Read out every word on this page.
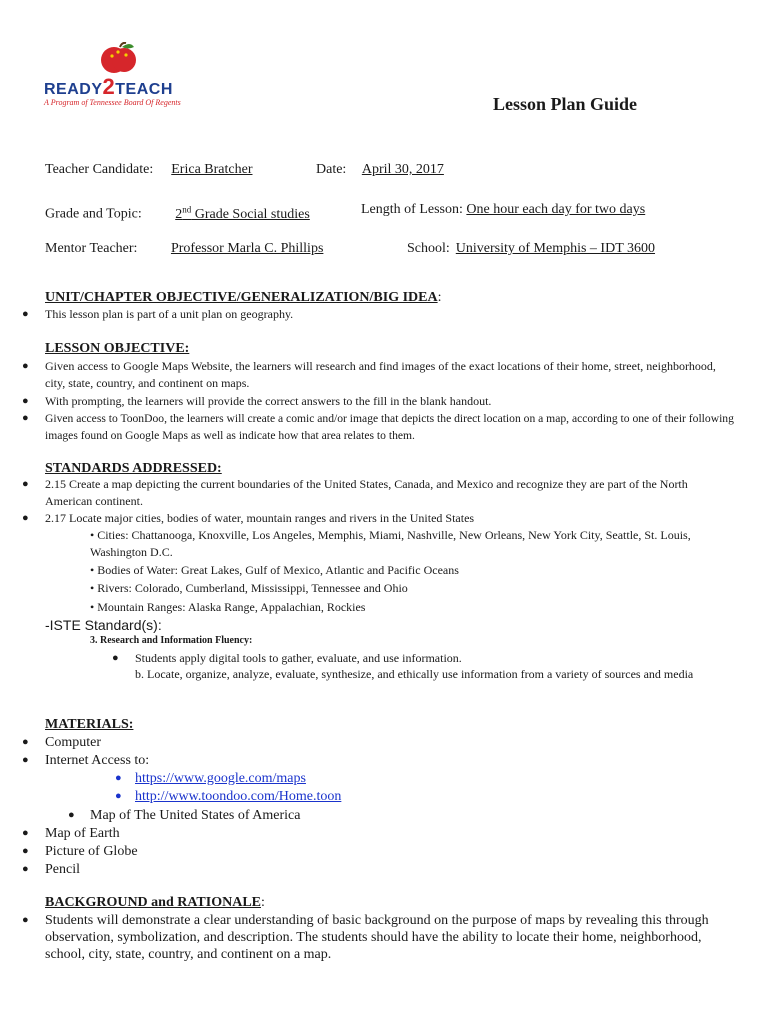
READY2TEACH
A Program of Tennessee Board Of Regents	Lesson Plan Guide
Teacher Candidate: Erica Bratcher	Date: April 30, 2017
Grade and Topic: 2nd Grade Social studies	Length of Lesson: One hour each day for two days
Mentor Teacher: Professor Marla C. Phillips	School: University of Memphis – IDT 3600
UNIT/CHAPTER OBJECTIVE/GENERALIZATION/BIG IDEA:
● This lesson plan is part of a unit plan on geography.
LESSON OBJECTIVE:
● Given access to Google Maps Website, the learners will research and find images of the exact locations of their home, street, neighborhood, city, state, country, and continent on maps.
● With prompting, the learners will provide the correct answers to the fill in the blank handout.
● Given access to ToonDoo, the learners will create a comic and/or image that depicts the direct location on a map, according to one of their following images found on Google Maps as well as indicate how that area relates to them.
STANDARDS ADDRESSED:
● 2.15 Create a map depicting the current boundaries of the United States, Canada, and Mexico and recognize they are part of the North American continent.
● 2.17 Locate major cities, bodies of water, mountain ranges and rivers in the United States
• Cities: Chattanooga, Knoxville, Los Angeles, Memphis, Miami, Nashville, New Orleans, New York City, Seattle, St. Louis, Washington D.C.
• Bodies of Water: Great Lakes, Gulf of Mexico, Atlantic and Pacific Oceans
• Rivers: Colorado, Cumberland, Mississippi, Tennessee and Ohio
• Mountain Ranges: Alaska Range, Appalachian, Rockies
-ISTE Standard(s):
3. Research and Information Fluency:
● Students apply digital tools to gather, evaluate, and use information.
b. Locate, organize, analyze, evaluate, synthesize, and ethically use information from a variety of sources and media
MATERIALS:
● Computer
● Internet Access to:
● https://www.google.com/maps
● http://www.toondoo.com/Home.toon
● Map of The United States of America
● Map of Earth
● Picture of Globe
● Pencil
BACKGROUND and RATIONALE:
● Students will demonstrate a clear understanding of basic background on the purpose of maps by revealing this through observation, symbolization, and description. The students should have the ability to locate their home, neighborhood, school, city, state, country, and continent on a map.
